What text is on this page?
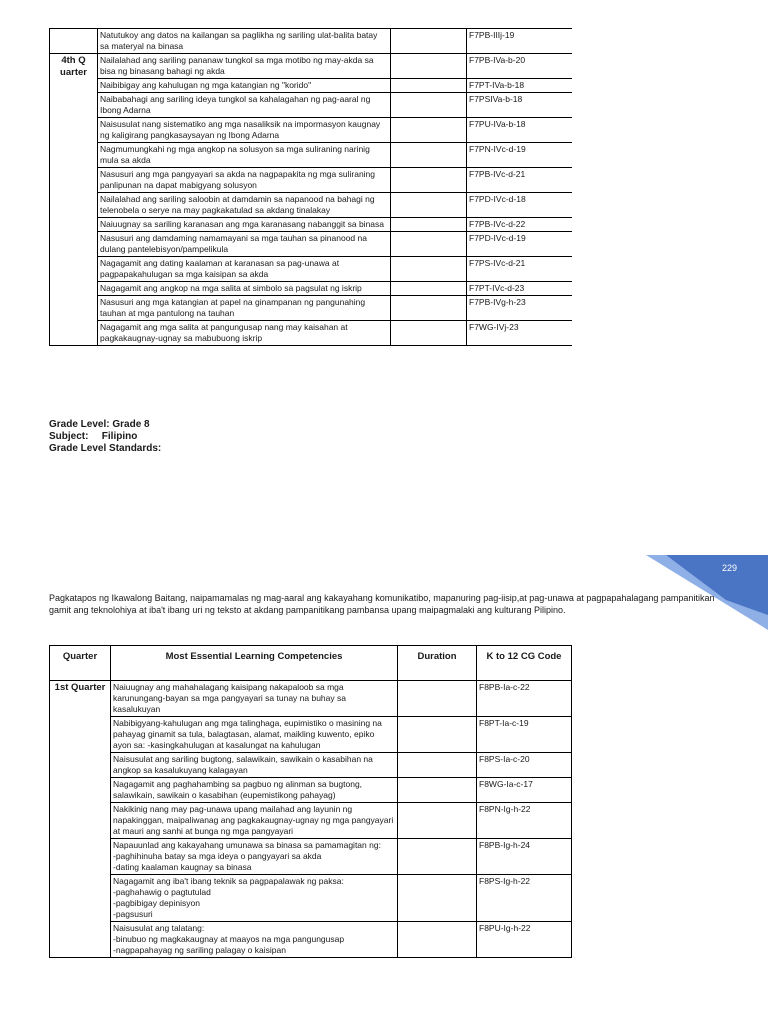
	Natutukoy ang datos na kailangan sa paglikha ng sariling ulat-balita batay sa materyal na binasa		F7PB-IIIj-19
4th Q uarter	Nailalahad ang sariling pananaw tungkol sa mga motibo ng may-akda sa bisa ng binasang bahagi ng akda		F7PB-IVa-b-20
	Naibibigay ang kahulugan ng mga katangian ng "korido"		F7PT-IVa-b-18
	Naibabahagi ang sariling ideya tungkol sa kahalagahan ng pag-aaral ng Ibong Adarna		F7PSIVa-b-18
	Naisusulat nang sistematiko ang mga nasaliksik na impormasyon kaugnay ng kaligirang pangkasaysayan ng Ibong Adarna		F7PU-IVa-b-18
	Nagmumungkahi ng mga angkop na solusyon sa mga suliraning narinig mula sa akda		F7PN-IVc-d-19
	Nasusuri ang mga pangyayari sa akda na nagpapakita ng mga suliraning panlipunan na dapat mabigyang solusyon		F7PB-IVc-d-21
	Nailalahad ang sariling saloobin at damdamin sa napanood na bahagi ng telenobela o serye na may pagkakatulad sa akdang tinalakay		F7PD-IVc-d-18
	Naiuugnay sa sariling karanasan ang mga karanasang nabanggit sa binasa		F7PB-IVc-d-22
	Nasusuri ang damdaming namamayani sa mga tauhan sa pinanood na dulang pantelebisyon/pampelikula		F7PD-IVc-d-19
	Nagagamit ang dating kaalaman at karanasan sa pag-unawa at pagpapakahulugan sa mga kaisipan sa akda		F7PS-IVc-d-21
	Nagagamit ang angkop na mga salita at simbolo sa pagsulat ng iskrip		F7PT-IVc-d-23
	Nasusuri ang mga katangian at papel na ginampanan ng pangunahing tauhan at mga pantulong na tauhan		F7PB-IVg-h-23
	Nagagamit ang mga salita at pangungusap nang may kaisahan at pagkakaugnay-ugnay sa mabubuong iskrip		F7WG-IVj-23
Grade Level: Grade 8
Subject: Filipino
Grade Level Standards:
229
Pagkatapos ng Ikawalong Baitang, naipamamalas ng mag-aaral ang kakayahang komunikatibo, mapanuring pag-iisip,at pag-unawa at pagpapahalagang pampanitikan gamit ang teknolohiya at iba't ibang uri ng teksto at akdang pampanitikang pambansa upang maipagmalaki ang kulturang Pilipino.
Quarter	Most Essential Learning Competencies	Duration	K to 12 CG Code
1st Quarter	Naiuugnay ang mahahalagang kaisipang nakapaloob sa mga karunungang-bayan sa mga pangyayari sa tunay na buhay sa kasalukuyan		F8PB-Ia-c-22
	Nabibigyang-kahulugan ang mga talinghaga, eupimistiko o masining na pahayag ginamit sa tula, balagtasan, alamat, maikling kuwento, epiko ayon sa: -kasingkahulugan at kasalungat na kahulugan		F8PT-Ia-c-19
	Naisusulat ang sariling bugtong, salawikain, sawikain o kasabihan na angkop sa kasalukuyang kalagayan		F8PS-Ia-c-20
	Nagagamit ang paghahambing sa pagbuo ng alinman sa bugtong, salawikain, sawikain o kasabihan (eupemistikong pahayag)		F8WG-Ia-c-17
	Nakikinig nang may pag-unawa upang mailahad ang layunin ng napakinggan, maipaliwanag ang pagkakaugnay-ugnay ng mga pangyayari at mauri ang sanhi at bunga ng mga pangyayari		F8PN-Ig-h-22
	Napauunlad ang kakayahang umunawa sa binasa sa pamamagitan ng:
-paghihinuha batay sa mga ideya o pangyayari sa akda
-dating kaalaman kaugnay sa binasa		F8PB-Ig-h-24
	Nagagamit ang iba't ibang teknik sa pagpapalawak ng paksa:
-paghahawig o pagtutulad
-pagbibigay depinisyon
-pagsusuri		F8PS-Ig-h-22
	Naisusulat ang talatang:
-binubuo ng magkakaugnay at maayos na mga pangungusap
-nagpapahayag ng sariling palagay o kaisipan		F8PU-Ig-h-22
